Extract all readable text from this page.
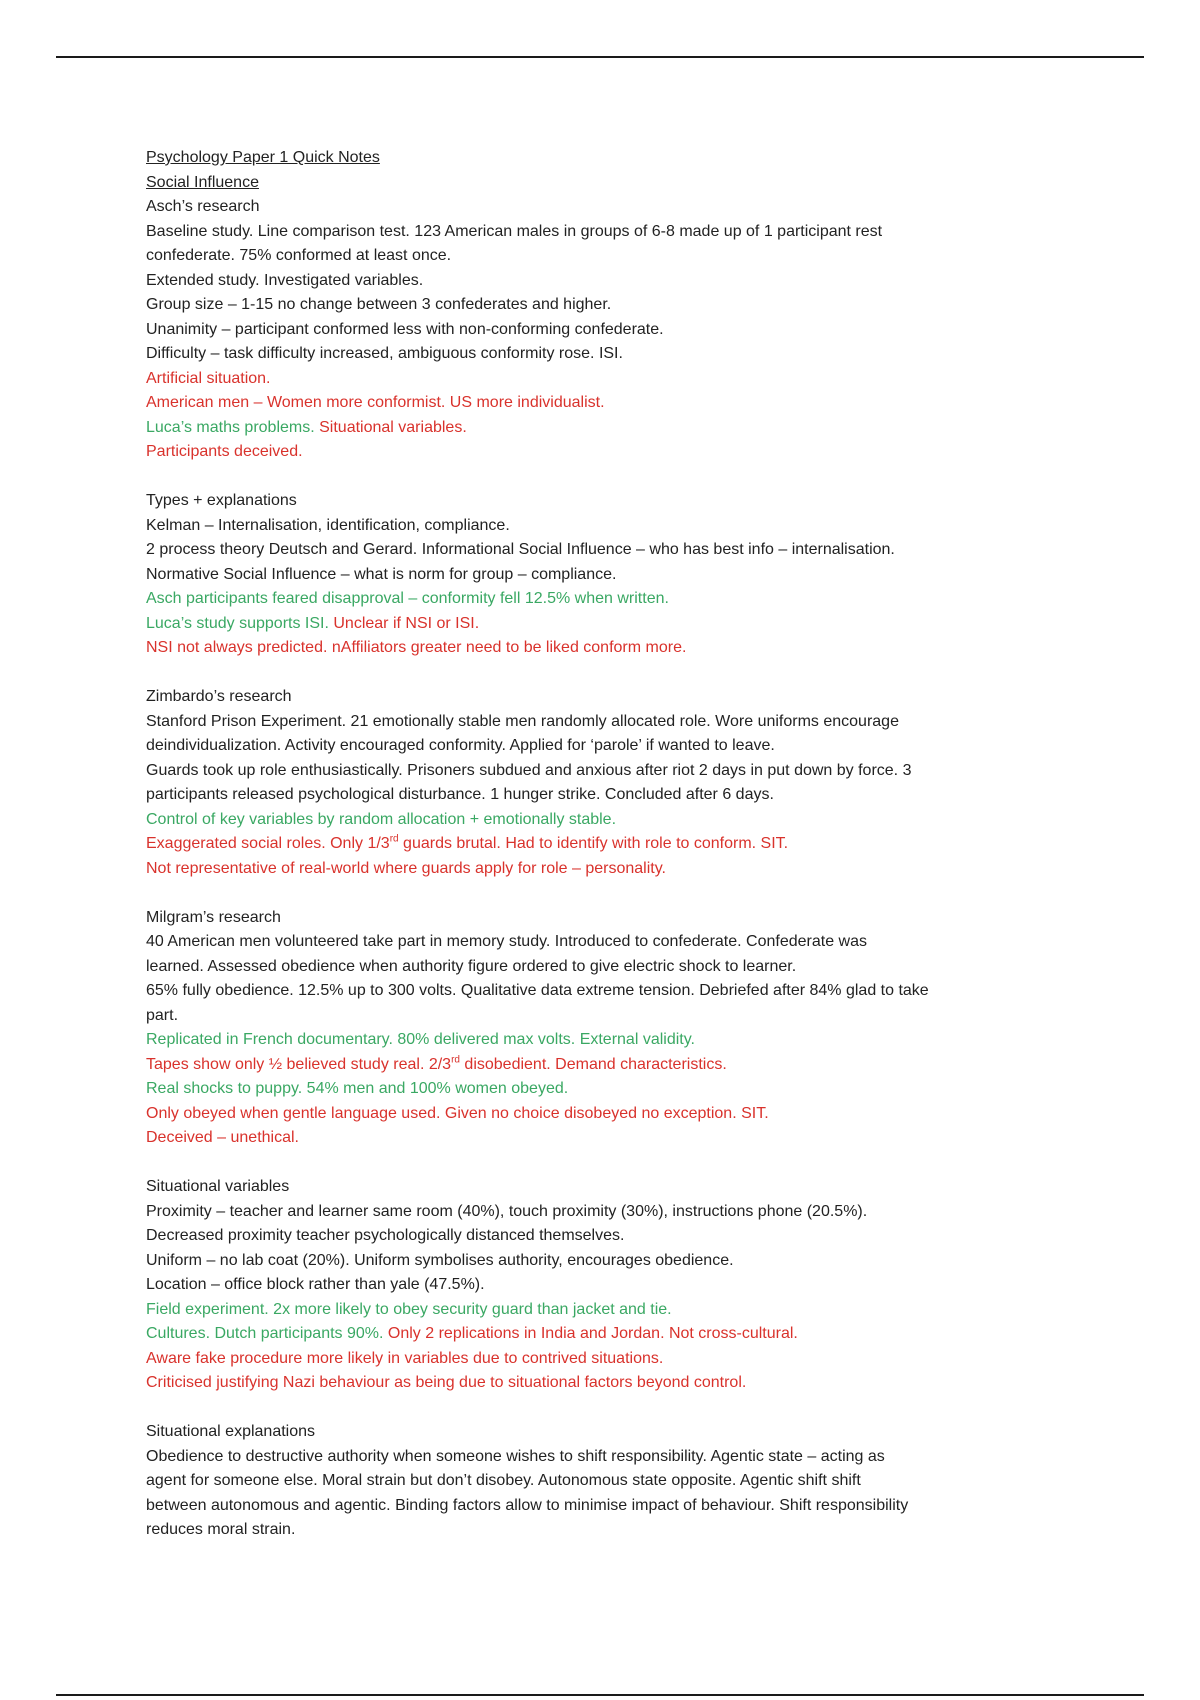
Psychology Paper 1 Quick Notes
Social Influence
Asch’s research
Baseline study. Line comparison test. 123 American males in groups of 6-8 made up of 1 participant rest
confederate. 75% conformed at least once.
Extended study. Investigated variables.
Group size – 1-15 no change between 3 confederates and higher.
Unanimity – participant conformed less with non-conforming confederate.
Difficulty – task difficulty increased, ambiguous conformity rose. ISI.
Artificial situation.
American men – Women more conformist. US more individualist.
Luca’s maths problems. Situational variables.
Participants deceived.
Types + explanations
Kelman – Internalisation, identification, compliance.
2 process theory Deutsch and Gerard. Informational Social Influence – who has best info – internalisation.
Normative Social Influence – what is norm for group – compliance.
Asch participants feared disapproval – conformity fell 12.5% when written.
Luca’s study supports ISI. Unclear if NSI or ISI.
NSI not always predicted. nAffiliators greater need to be liked conform more.
Zimbardo’s research
Stanford Prison Experiment. 21 emotionally stable men randomly allocated role. Wore uniforms encourage
deindividualization. Activity encouraged conformity. Applied for ‘parole’ if wanted to leave.
Guards took up role enthusiastically. Prisoners subdued and anxious after riot 2 days in put down by force. 3
participants released psychological disturbance. 1 hunger strike. Concluded after 6 days.
Control of key variables by random allocation + emotionally stable.
Exaggerated social roles. Only 1/3rd guards brutal. Had to identify with role to conform. SIT.
Not representative of real-world where guards apply for role – personality.
Milgram’s research
40 American men volunteered take part in memory study. Introduced to confederate. Confederate was
learned. Assessed obedience when authority figure ordered to give electric shock to learner.
65% fully obedience. 12.5% up to 300 volts. Qualitative data extreme tension. Debriefed after 84% glad to take
part.
Replicated in French documentary. 80% delivered max volts. External validity.
Tapes show only ½ believed study real. 2/3rd disobedient. Demand characteristics.
Real shocks to puppy. 54% men and 100% women obeyed.
Only obeyed when gentle language used. Given no choice disobeyed no exception. SIT.
Deceived – unethical.
Situational variables
Proximity – teacher and learner same room (40%), touch proximity (30%), instructions phone (20.5%).
Decreased proximity teacher psychologically distanced themselves.
Uniform – no lab coat (20%). Uniform symbolises authority, encourages obedience.
Location – office block rather than yale (47.5%).
Field experiment. 2x more likely to obey security guard than jacket and tie.
Cultures. Dutch participants 90%. Only 2 replications in India and Jordan. Not cross-cultural.
Aware fake procedure more likely in variables due to contrived situations.
Criticised justifying Nazi behaviour as being due to situational factors beyond control.
Situational explanations
Obedience to destructive authority when someone wishes to shift responsibility. Agentic state – acting as
agent for someone else. Moral strain but don’t disobey. Autonomous state opposite. Agentic shift shift
between autonomous and agentic. Binding factors allow to minimise impact of behaviour. Shift responsibility
reduces moral strain.
